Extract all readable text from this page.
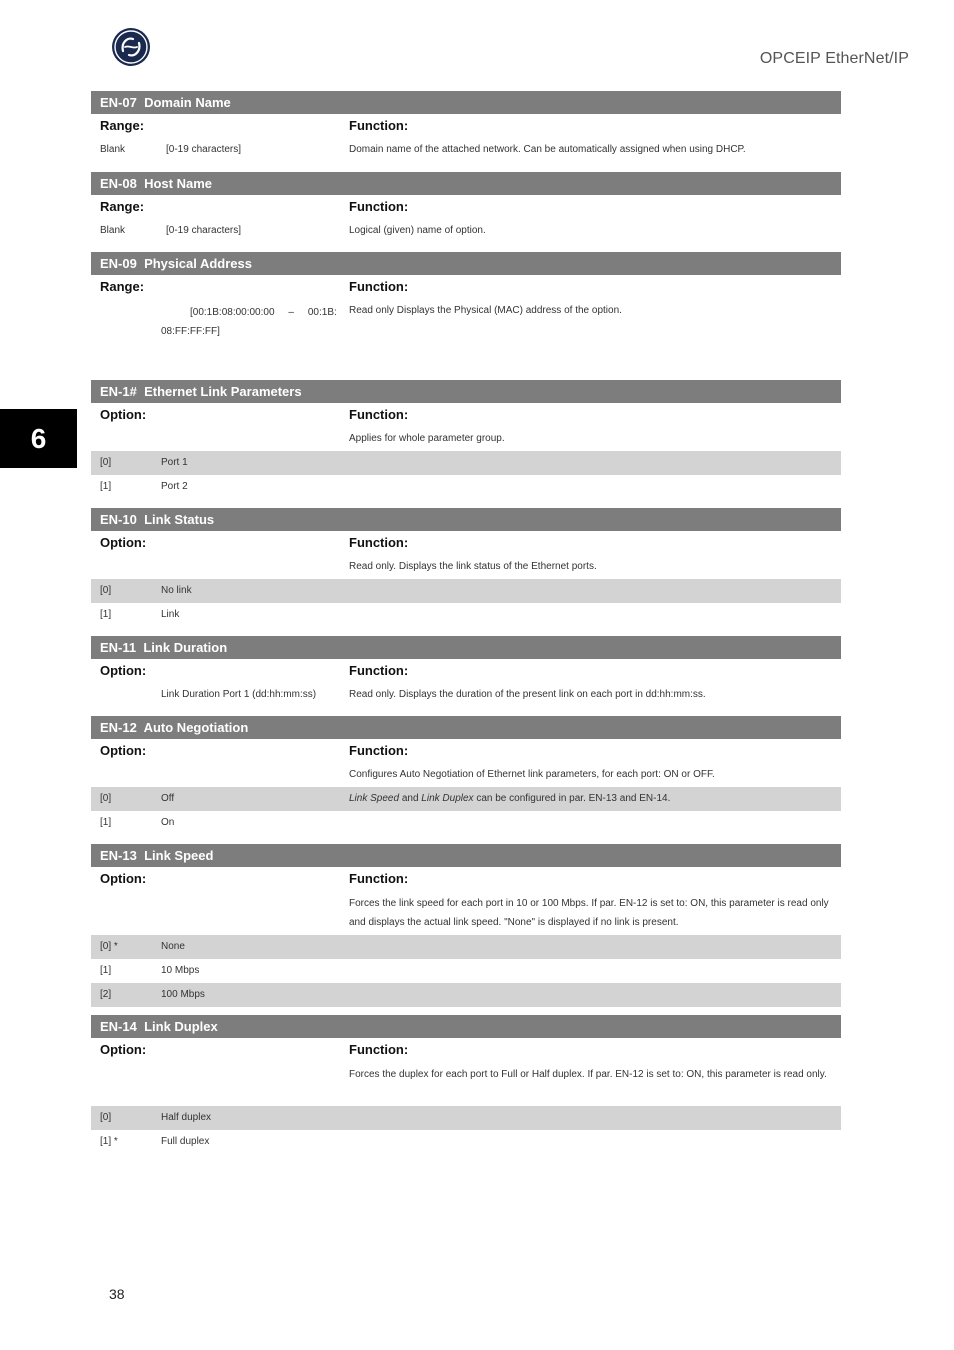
OPCEIP EtherNet/IP
6
EN-07  Domain Name
Range:	Function:
Blank	[0-19 characters]	Domain name of the attached network. Can be automatically assigned when using DHCP.
EN-08  Host Name
Range:	Function:
Blank	[0-19 characters]	Logical (given) name of option.
EN-09  Physical Address
Range:	Function:
[00:1B:08:00:00:00     –     00:1B:
08:FF:FF:FF]
Read only Displays the Physical (MAC) address of the option.
EN-1#  Ethernet Link Parameters
Option:	Function:
Applies for whole parameter group.
[0]	Port 1
[1]	Port 2
EN-10  Link Status
Option:	Function:
Read only. Displays the link status of the Ethernet ports.
[0]	No link
[1]	Link
EN-11  Link Duration
Option:	Function:
Link Duration Port 1 (dd:hh:mm:ss)	Read only. Displays the duration of the present link on each port in dd:hh:mm:ss.
EN-12  Auto Negotiation
Option:	Function:
Configures Auto Negotiation of Ethernet link parameters, for each port: ON or OFF.
[0]	Off	Link Speed and Link Duplex can be configured in par. EN-13 and EN-14.
[1]	On
EN-13  Link Speed
Option:	Function:
Forces the link speed for each port in 10 or 100 Mbps. If par. EN-12 is set to: ON, this parameter is read only and displays the actual link speed. "None" is displayed if no link is present.
[0] *	None
[1]	10 Mbps
[2]	100 Mbps
EN-14  Link Duplex
Option:	Function:
Forces the duplex for each port to Full or Half duplex. If par. EN-12 is set to: ON, this parameter is read only.
[0]	Half duplex
[1] *	Full duplex
38
